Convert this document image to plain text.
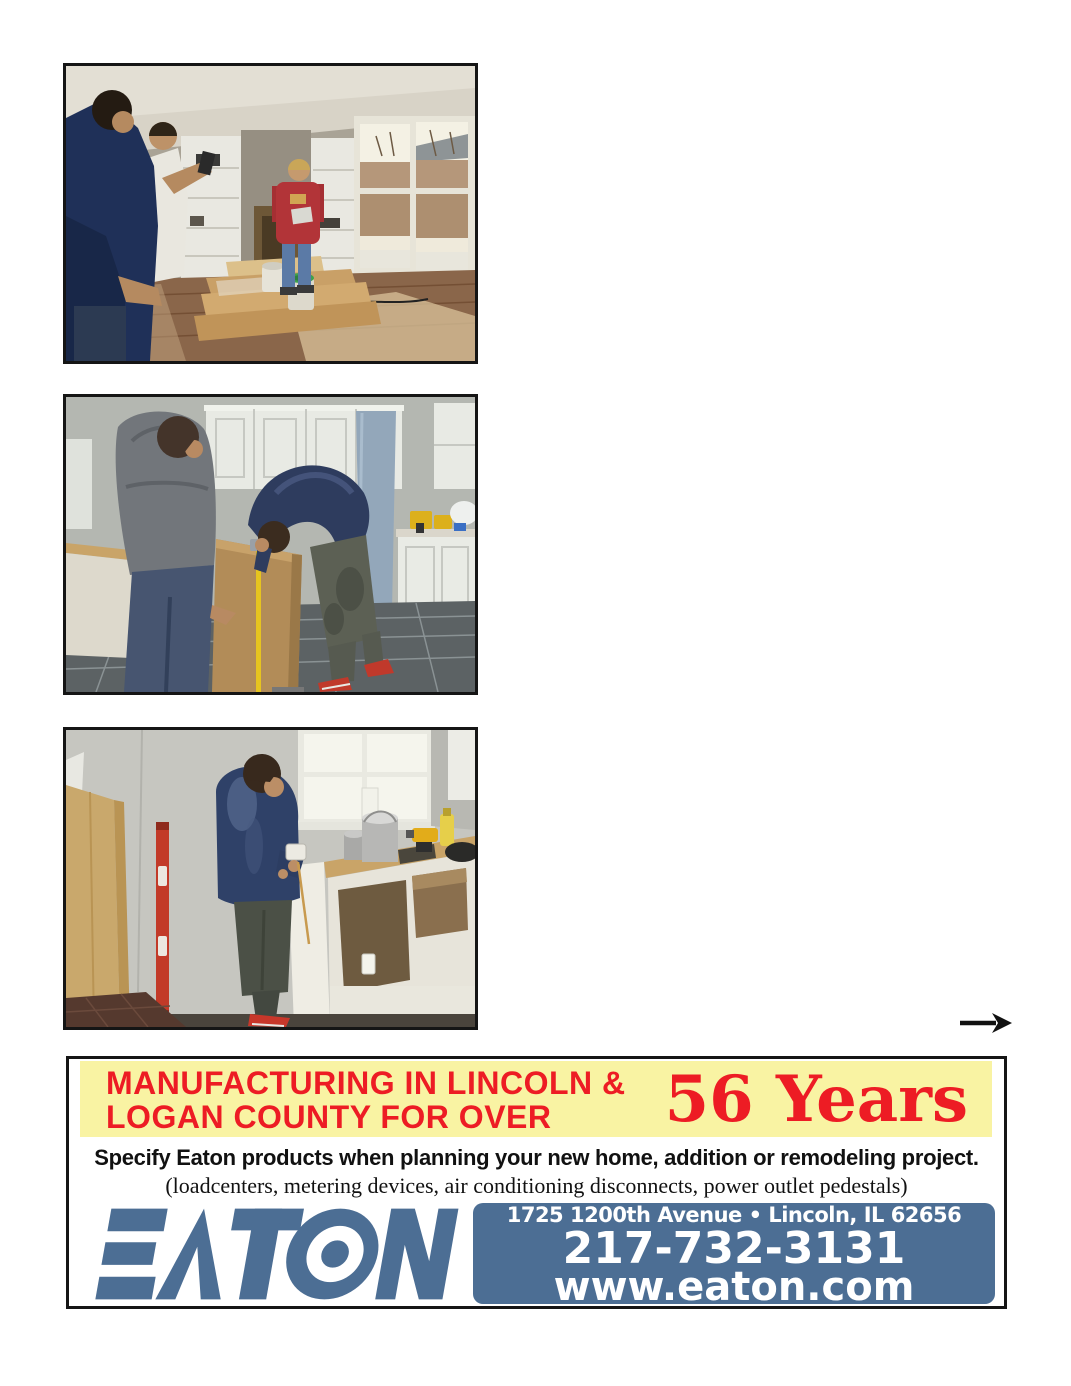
MANUFACTURING IN LINCOLN &
LOGAN COUNTY FOR OVER	56 Years
Specify Eaton products when planning your new home, addition or remodeling project.
(loadcenters, metering devices, air conditioning disconnects, power outlet pedestals)
1725 1200th Avenue • Lincoln, IL 62656
217-732-3131
www.eaton.com
